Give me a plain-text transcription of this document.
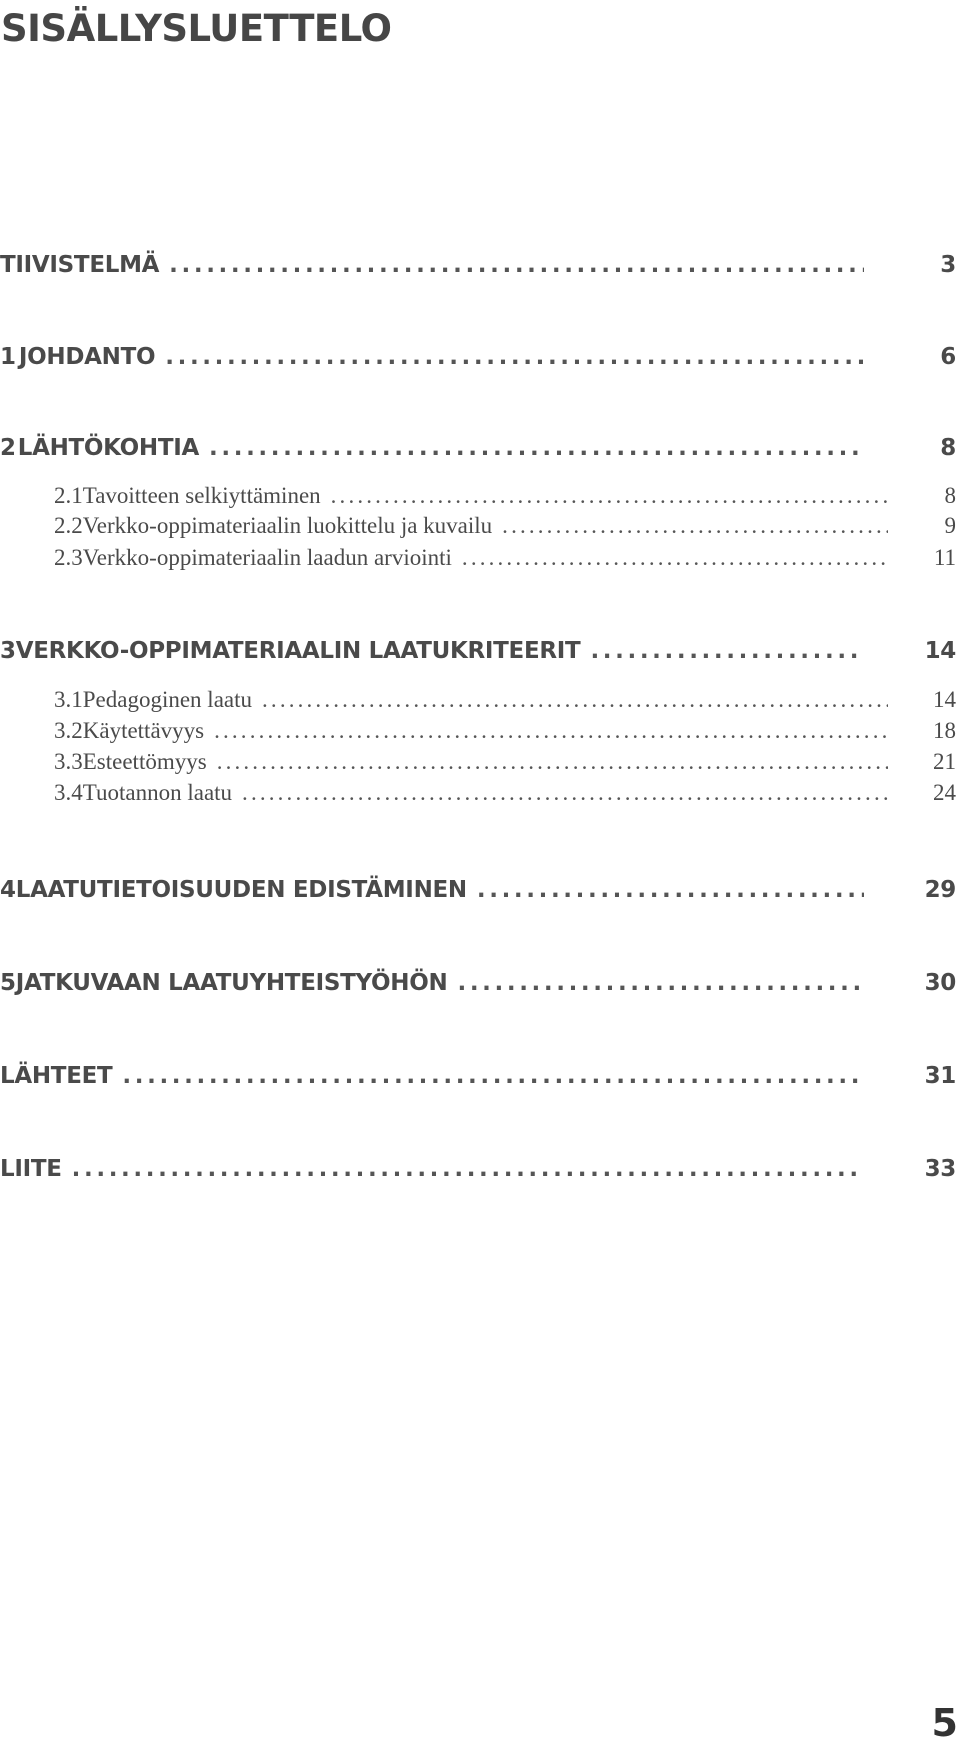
SISÄLLYSLUETTELO
TIIVISTELMÄ . . .	3
1 JOHDANTO . . .	6
2 LÄHTÖKOHTIA . . .	8
2.1 Tavoitteen selkiyttäminen . . .	8
2.2 Verkko-oppimateriaalin luokittelu ja kuvailu . . .	9
2.3 Verkko-oppimateriaalin laadun arviointi . . .	11
3 VERKKO-OPPIMATERIAALIN LAATUKRITEERIT . . .	14
3.1 Pedagoginen laatu . . .	14
3.2 Käytettävyys . . .	18
3.3 Esteettömyys . . .	21
3.4 Tuotannon laatu . . .	24
4 LAATUTIETOISUUDEN EDISTÄMINEN . . .	29
5 JATKUVAAN LAATUYHTEISTYÖHÖN . . .	30
LÄHTEET . . .	31
LIITE . . .	33
5
